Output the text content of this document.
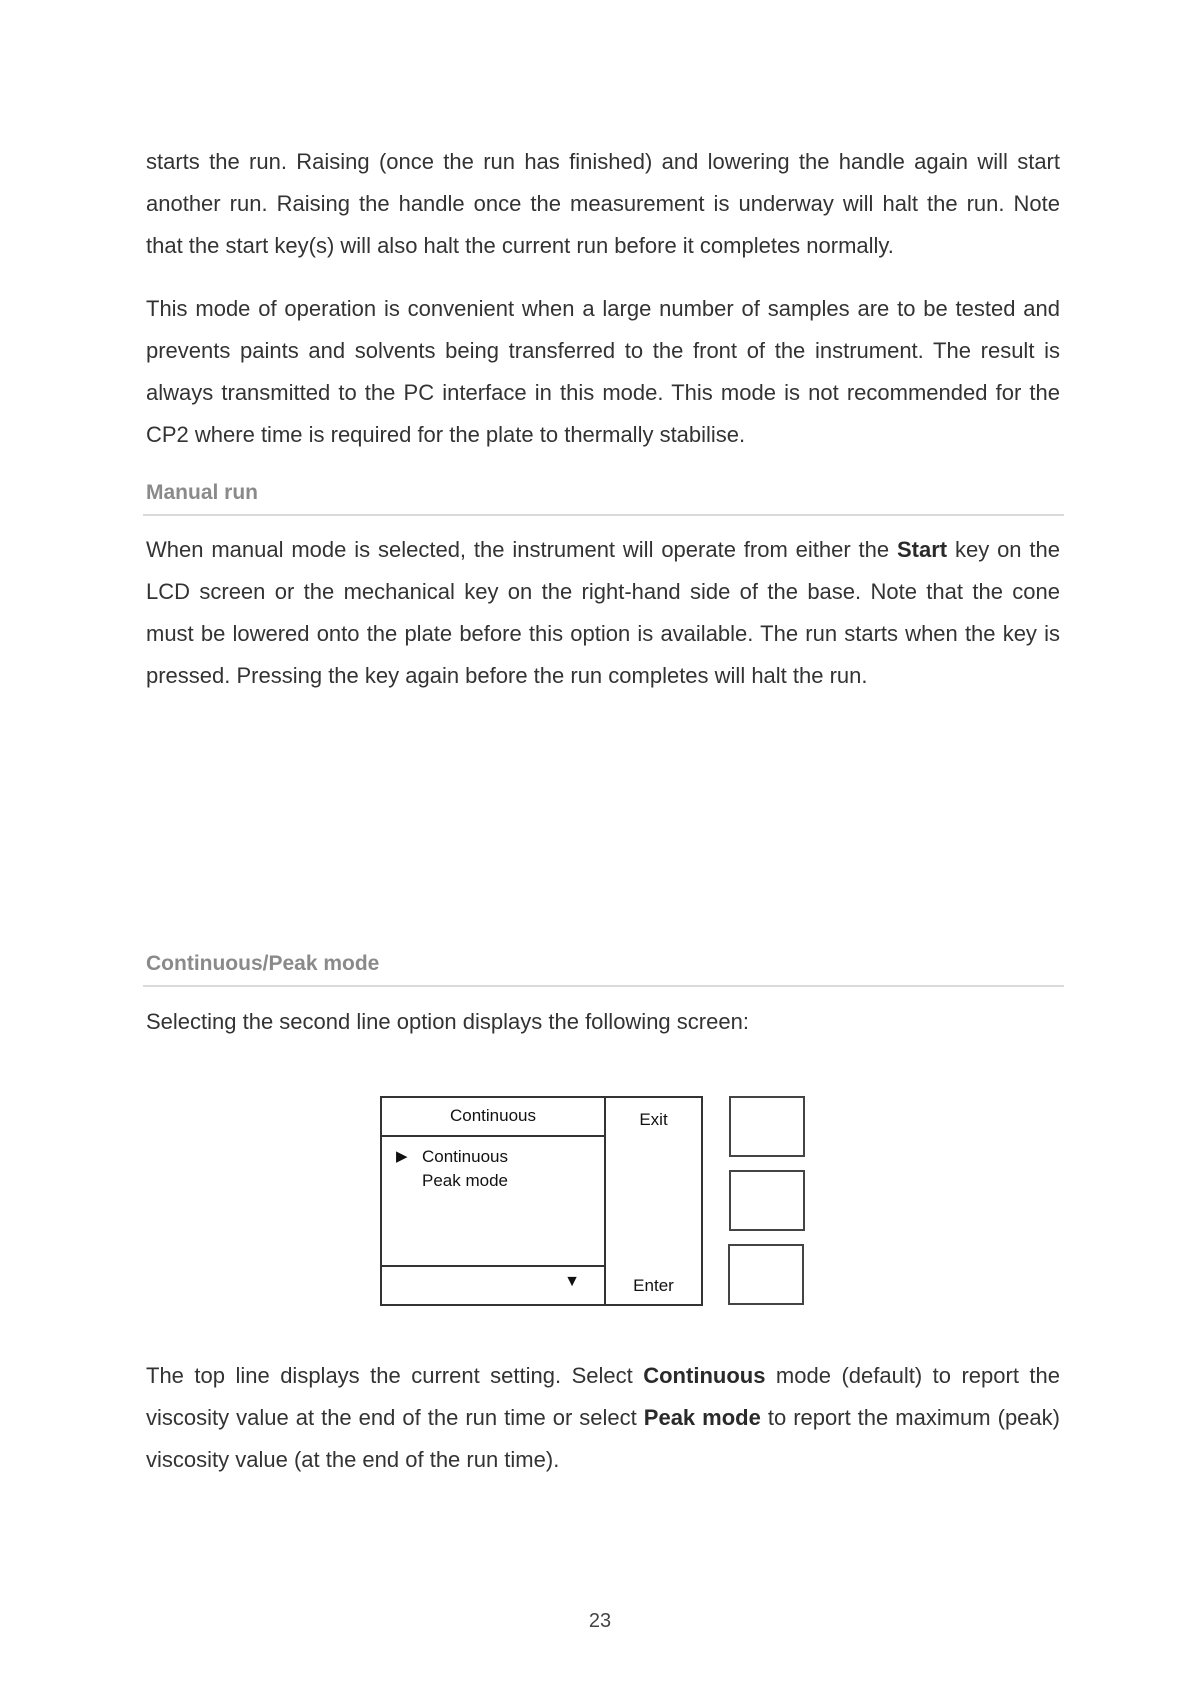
starts the run. Raising (once the run has finished) and lowering the handle again will start another run. Raising the handle once the measurement is underway will halt the run. Note that the start key(s) will also halt the current run before it completes normally.

This mode of operation is convenient when a large number of samples are to be tested and prevents paints and solvents being transferred to the front of the instrument. The result is always transmitted to the PC interface in this mode. This mode is not recommended for the CP2 where time is required for the plate to thermally stabilise.

Manual run

When manual mode is selected, the instrument will operate from either the Start key on the LCD screen or the mechanical key on the right-hand side of the base. Note that the cone must be lowered onto the plate before this option is available. The run starts when the key is pressed. Pressing the key again before the run completes will halt the run.

Continuous/Peak mode

Selecting the second line option displays the following screen:

Continuous
▶ Continuous
Peak mode
▼
Exit
Enter

The top line displays the current setting. Select Continuous mode (default) to report the viscosity value at the end of the run time or select Peak mode to report the maximum (peak) viscosity value (at the end of the run time).

23
